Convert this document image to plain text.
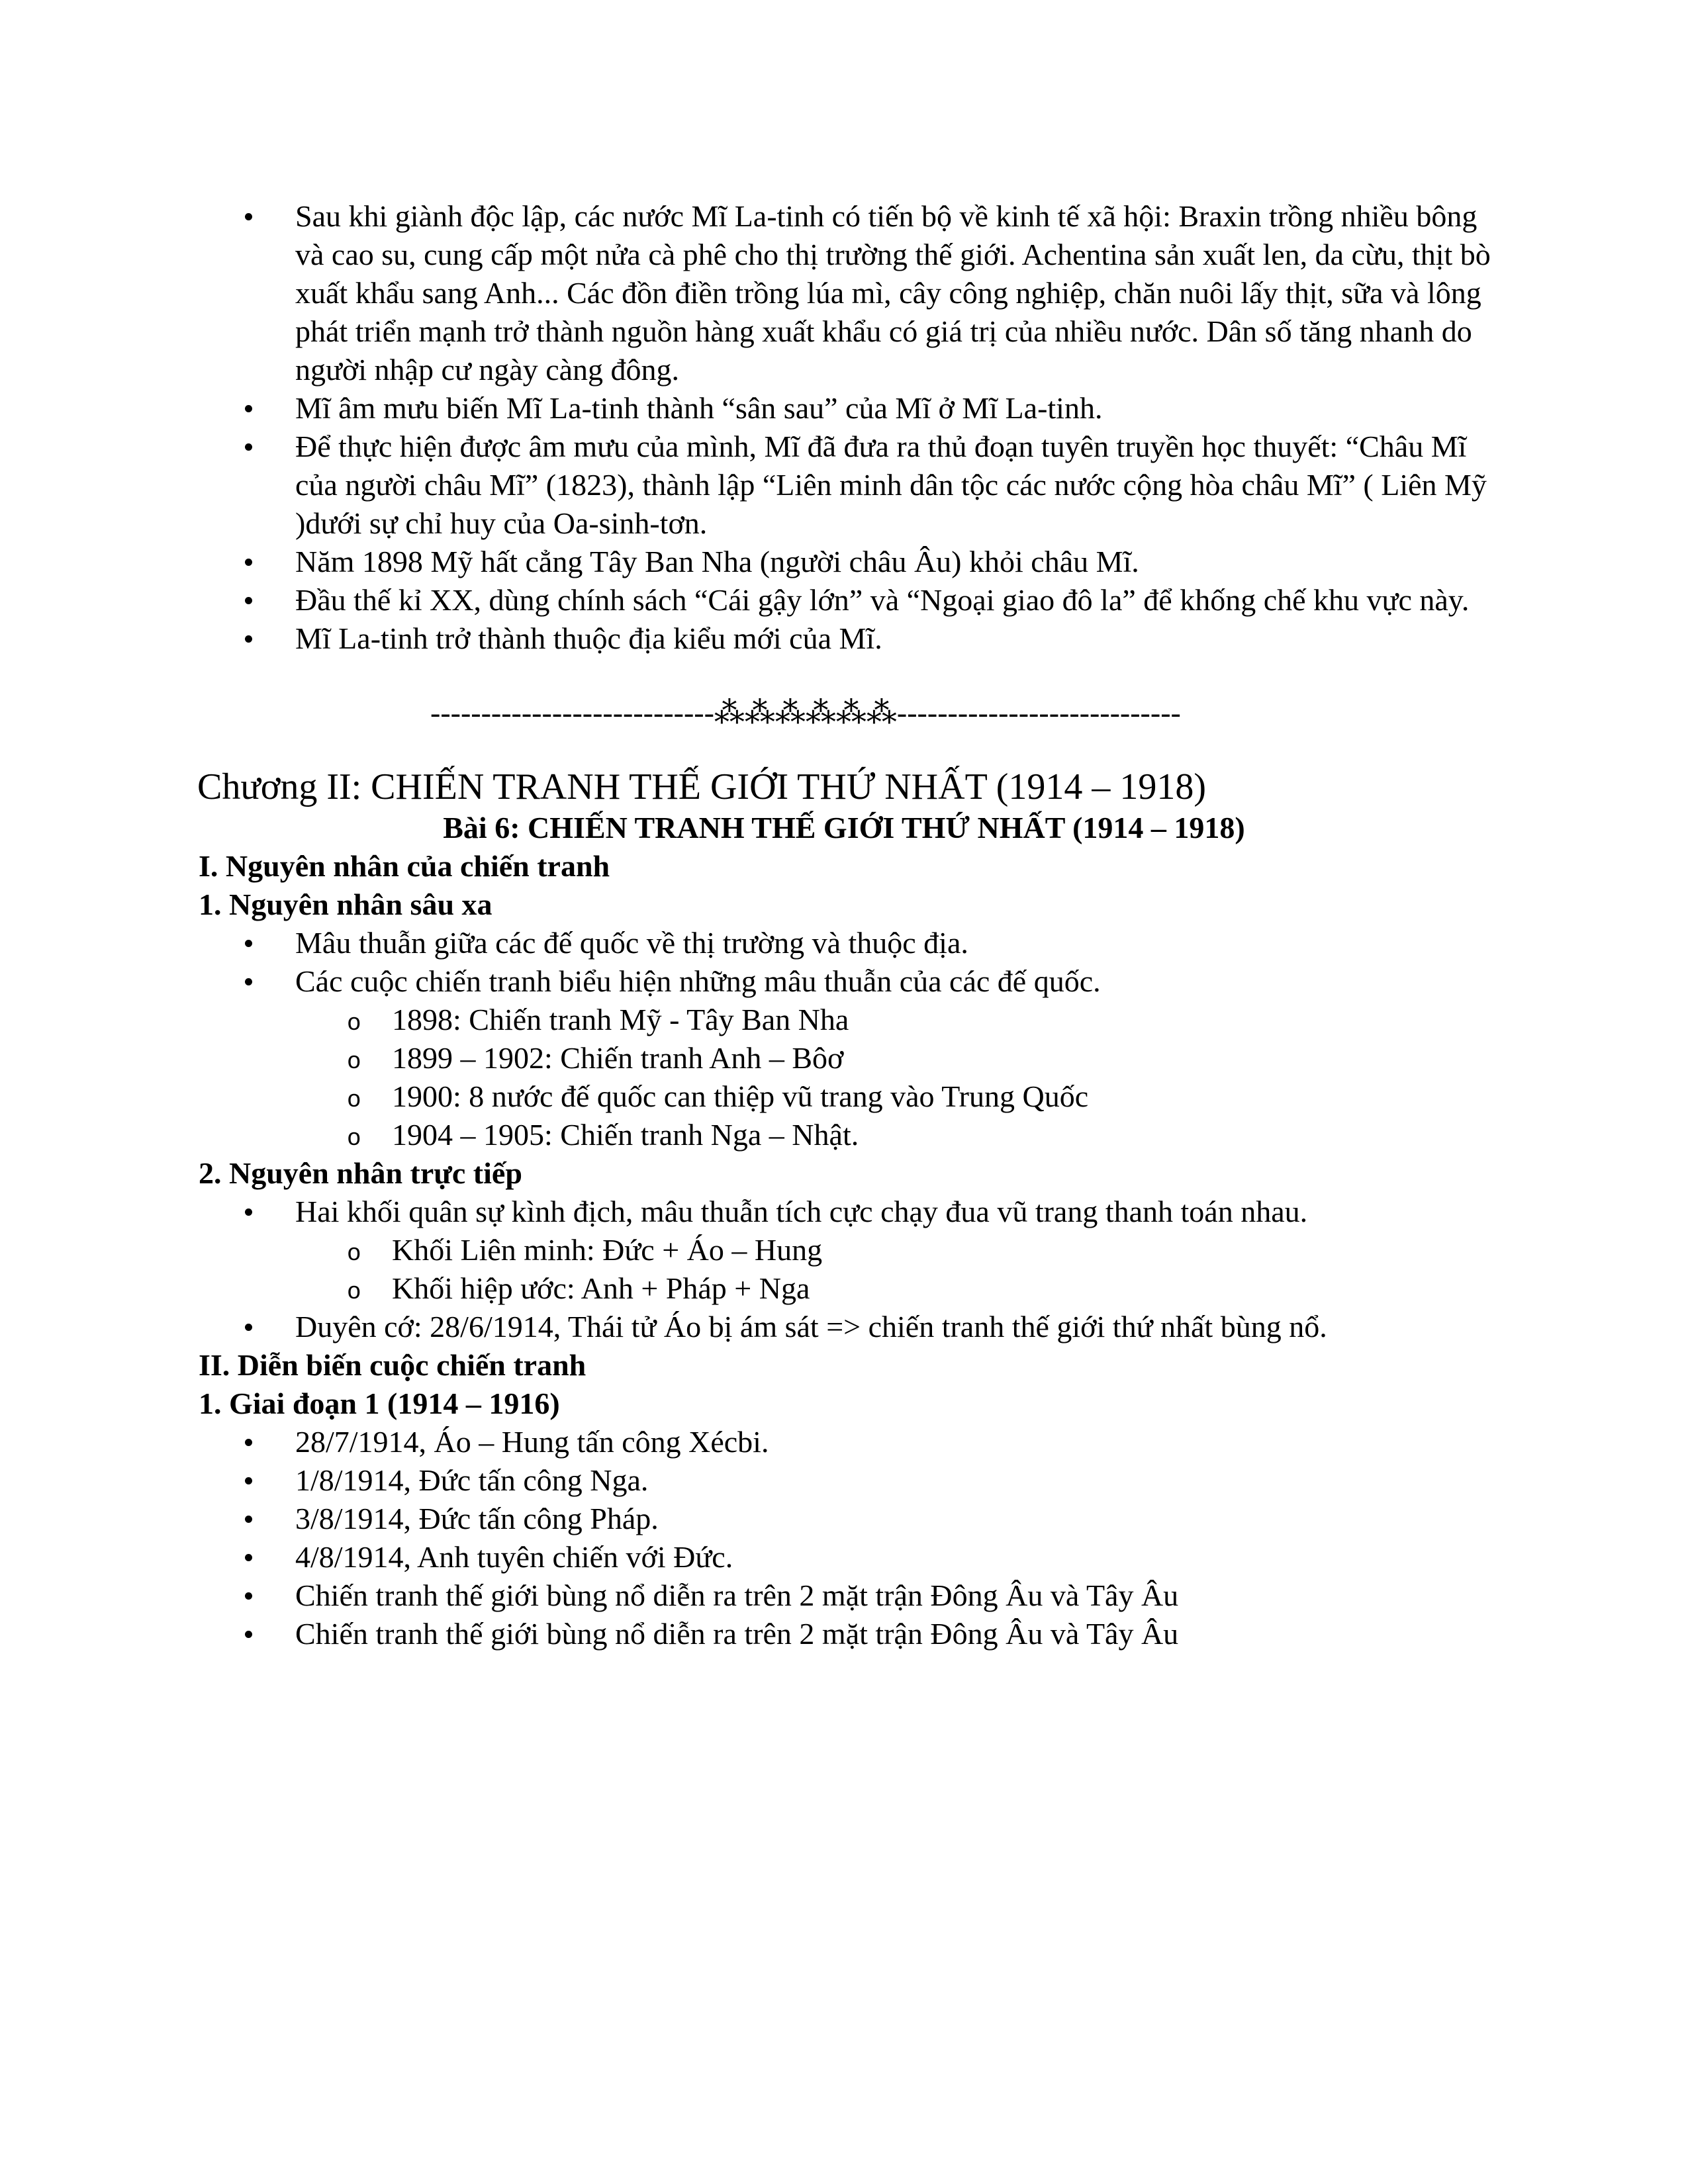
Sau khi giành độc lập, các nước Mĩ La-tinh có tiến bộ về kinh tế xã hội: Braxin trồng nhiều bông và cao su, cung cấp một nửa cà phê cho thị trường thế giới. Achentina sản xuất len, da cừu, thịt bò xuất khẩu sang Anh... Các đồn điền trồng lúa mì, cây công nghiệp, chăn nuôi lấy thịt, sữa và lông phát triển mạnh trở thành nguồn hàng xuất khẩu có giá trị của nhiều nước. Dân số tăng nhanh do người nhập cư ngày càng đông.
Mĩ âm mưu biến Mĩ La-tinh thành “sân sau” của Mĩ ở Mĩ La-tinh.
Để thực hiện được âm mưu của mình, Mĩ đã đưa ra thủ đoạn tuyên truyền học thuyết: “Châu Mĩ của người châu Mĩ” (1823), thành lập “Liên minh dân tộc các nước cộng hòa châu Mĩ” ( Liên Mỹ )dưới sự chỉ huy của Oa-sinh-tơn.
Năm 1898 Mỹ hất cẳng Tây Ban Nha (người châu Âu) khỏi châu Mĩ.
Đầu thế kỉ XX, dùng chính sách “Cái gậy lớn” và “Ngoại giao đô la” để khống chế khu vực này.
Mĩ La-tinh trở thành thuộc địa kiểu mới của Mĩ.
----------------------------⁂⁂⁂⁂⁂⁂----------------------------
Chương II: CHIẾN TRANH THẾ GIỚI THỨ NHẤT (1914 – 1918)
Bài 6: CHIẾN TRANH THẾ GIỚI THỨ NHẤT (1914 – 1918)
I. Nguyên nhân của chiến tranh
1. Nguyên nhân sâu xa
Mâu thuẫn giữa các đế quốc về thị trường và thuộc địa.
Các cuộc chiến tranh biểu hiện những mâu thuẫn của các đế quốc.
o 1898: Chiến tranh Mỹ - Tây Ban Nha
o 1899 – 1902: Chiến tranh Anh – Bôơ
o 1900: 8 nước đế quốc can thiệp vũ trang vào Trung Quốc
o 1904 – 1905: Chiến tranh Nga – Nhật.
2. Nguyên nhân trực tiếp
Hai khối quân sự kình địch, mâu thuẫn tích cực chạy đua vũ trang thanh toán nhau.
o Khối Liên minh: Đức + Áo – Hung
o Khối hiệp ước: Anh + Pháp + Nga
Duyên cớ: 28/6/1914, Thái tử Áo bị ám sát => chiến tranh thế giới thứ nhất bùng nổ.
II. Diễn biến cuộc chiến tranh
1. Giai đoạn 1 (1914 – 1916)
28/7/1914, Áo – Hung tấn công Xécbi.
1/8/1914, Đức tấn công Nga.
3/8/1914, Đức tấn công Pháp.
4/8/1914, Anh tuyên chiến với Đức.
Chiến tranh thế giới bùng nổ diễn ra trên 2 mặt trận Đông Âu và Tây Âu
Chiến tranh thế giới bùng nổ diễn ra trên 2 mặt trận Đông Âu và Tây Âu
